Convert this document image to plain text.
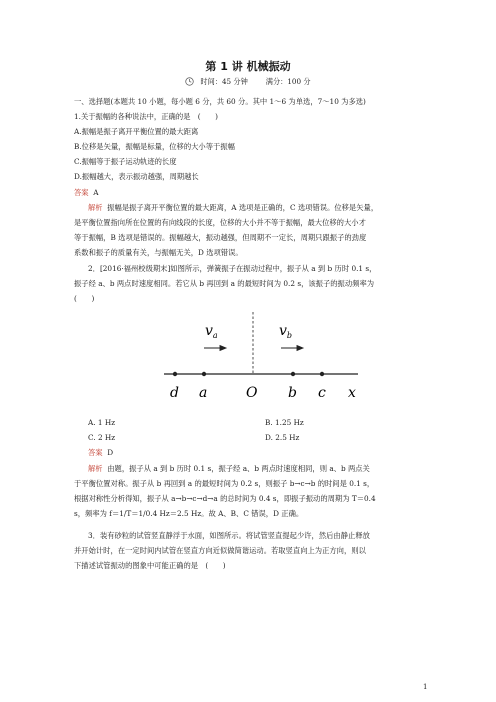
第 1 讲 机械振动
时间：45 分钟	满分：100 分
一、选择题(本题共 10 小题，每小题 6 分，共 60 分。其中 1～6 为单选，7～10 为多选)
1.关于振幅的各种说法中，正确的是　(　　)
A.振幅是振子离开平衡位置的最大距离
B.位移是矢量，振幅是标量，位移的大小等于振幅
C.振幅等于振子运动轨迹的长度
D.振幅越大，表示振动越强，周期越长
答案 A
解析 振幅是振子离开平衡位置的最大距离，A 选项是正确的，C 选项错误。位移是矢量，
是平衡位置指向所在位置的有向线段的长度，位移的大小并不等于振幅，最大位移的大小才
等于振幅，B 选项是错误的。振幅越大，振动越强，但周期不一定长，周期只跟振子的劲度
系数和振子的质量有关，与振幅无关，D 选项错误。
2．[2016·福州校级期末]如图所示，弹簧振子在振动过程中，振子从 a 到 b 历时 0.1 s，
振子经 a、b 两点时速度相同。若它从 b 再回到 a 的最短时间为 0.2 s，该振子的振动频率为
(　　)
$v_a$	$v_b$
d a	O b c x
A. 1 Hz	B. 1.25 Hz
C. 2 Hz	D. 2.5 Hz
答案 D
解析 由题，振子从 a 到 b 历时 0.1 s，振子经 a、b 两点时速度相同，则 a、b 两点关
于平衡位置对称。振子从 b 再回到 a 的最短时间为 0.2 s，则振子 b→c→b 的时间是 0.1 s，
根据对称性分析得知，振子从 a→b→c→d→a 的总时间为 0.4 s，即振子振动的周期为 T＝0.4
s，频率为 f＝1/T＝1/0.4 Hz＝2.5 Hz。故 A、B、C 错误，D 正确。
3．装有砂粒的试管竖直静浮于水面，如图所示。将试管竖直提起少许，然后由静止释放
并开始计时，在一定时间内试管在竖直方向近似做简谐运动。若取竖直向上为正方向，则以
下描述试管振动的图象中可能正确的是　(　　)
1
